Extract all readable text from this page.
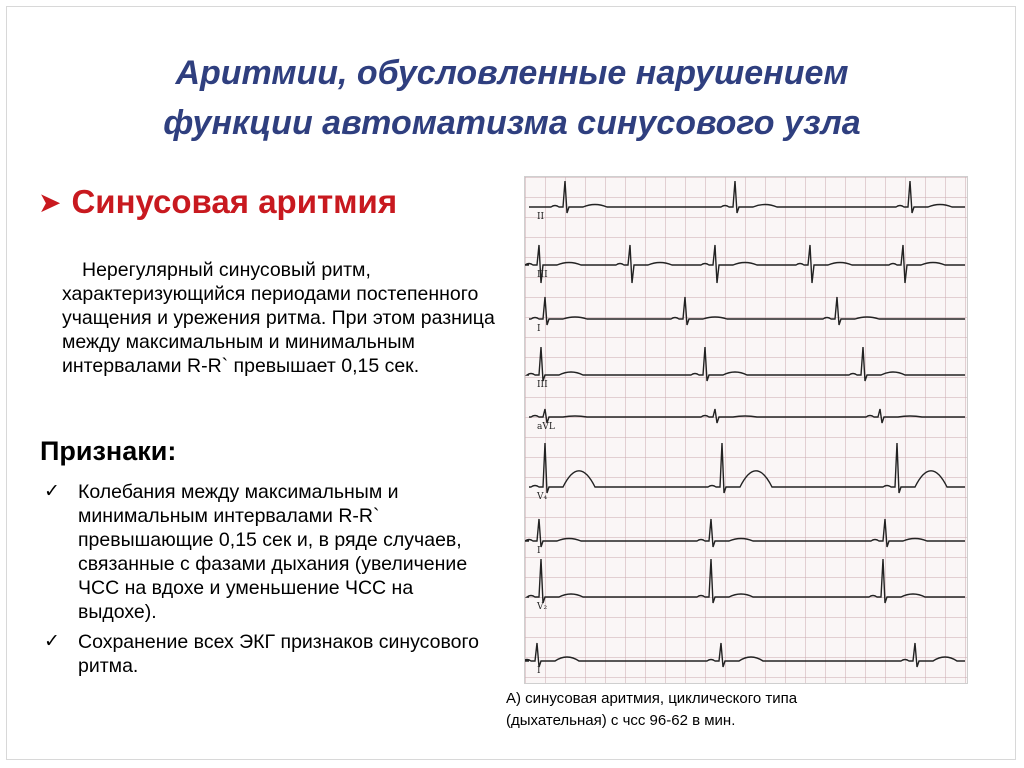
Аритмии, обусловленные нарушением
функции автоматизма синусового узла
➤ Синусовая аритмия
Нерегулярный синусовый ритм, характеризующийся периодами постепенного учащения и урежения ритма. При этом разница между максимальным и минимальным интервалами R-R` превышает 0,15 сек.
Признаки:
✓ Колебания между максимальным и минимальным интервалами R-R` превышающие 0,15 сек и, в ряде случаев, связанные с фазами дыхания (увеличение ЧСС на вдохе и уменьшение ЧСС на выдохе).
✓ Сохранение всех ЭКГ признаков синусового ритма.
II
III
I
III
aVL
V₄
I
V₂
I
А) синусовая аритмия, циклического типа
(дыхательная) с чсс 96-62 в мин.
